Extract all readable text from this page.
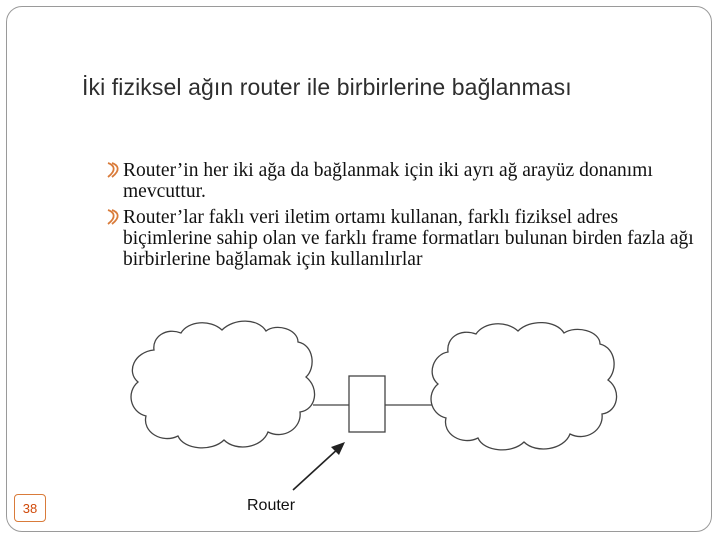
İki fiziksel ağın router ile birbirlerine bağlanması
Router’in her iki ağa da bağlanmak için iki ayrı ağ arayüz donanımı mevcuttur.
Router’lar faklı veri iletim ortamı kullanan, farklı fiziksel adres biçimlerine sahip olan ve farklı frame formatları bulunan birden fazla ağı birbirlerine bağlamak için kullanılırlar
Router
38
